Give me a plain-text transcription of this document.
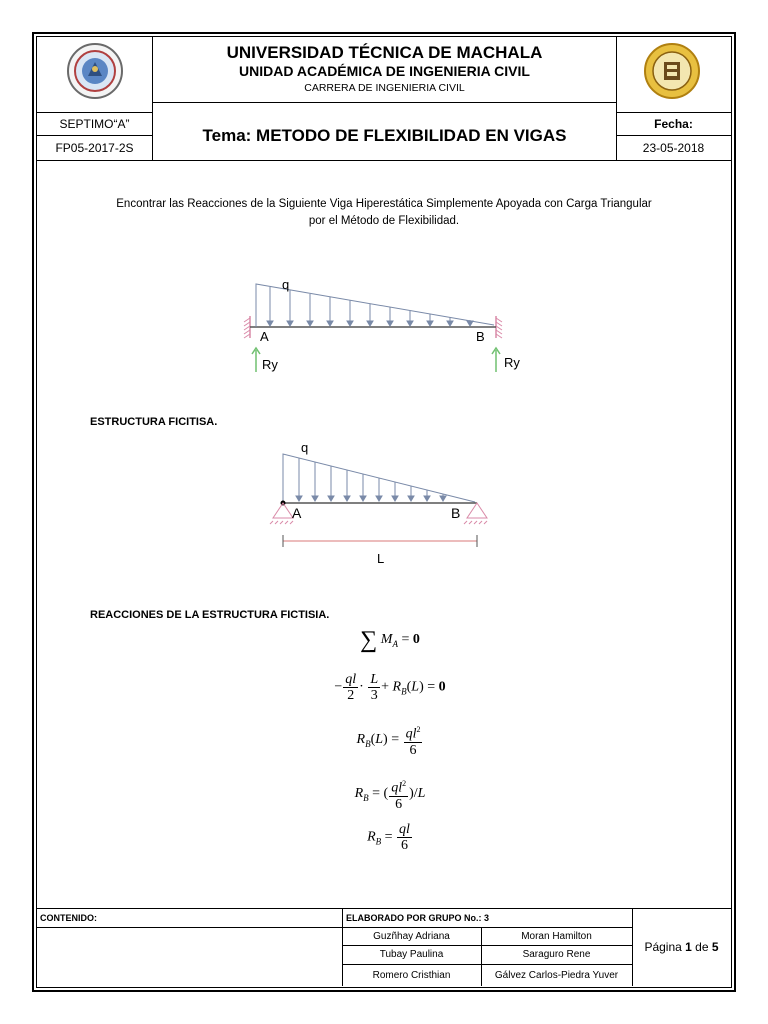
UNIVERSIDAD TÉCNICA DE MACHALA
UNIDAD ACADÉMICA DE INGENIERIA CIVIL
CARRERA DE INGENIERIA CIVIL
SEPTIMO“A”
FP05-2017-2S
Tema: METODO DE FLEXIBILIDAD EN VIGAS
Fecha:
23-05-2018
Encontrar las Reacciones de la Siguiente Viga Hiperestática Simplemente Apoyada con Carga Triangular
por el Método de Flexibilidad.
q
A	B
Ry	Ry
ESTRUCTURA FICITISA.
q
A	B
L
REACCIONES DE LA ESTRUCTURA FICTISIA.
∑ $M_A = 0$
− $\frac{ql}{2} \cdot \frac{L}{3} + R_B(L) = 0$
$R_B(L) = \frac{ql^2}{6}$
$R_B$ = ( $\frac{ql^2}{6} )/L$
$R_B = \frac{ql}{6}$
CONTENIDO:	ELABORADO POR GRUPO No.: 3
Guzñhay Adriana	Moran Hamilton
Tubay Paulina	Saraguro Rene
Romero Cristhian	Gálvez Carlos-Piedra Yuver
Página 1 de 5
